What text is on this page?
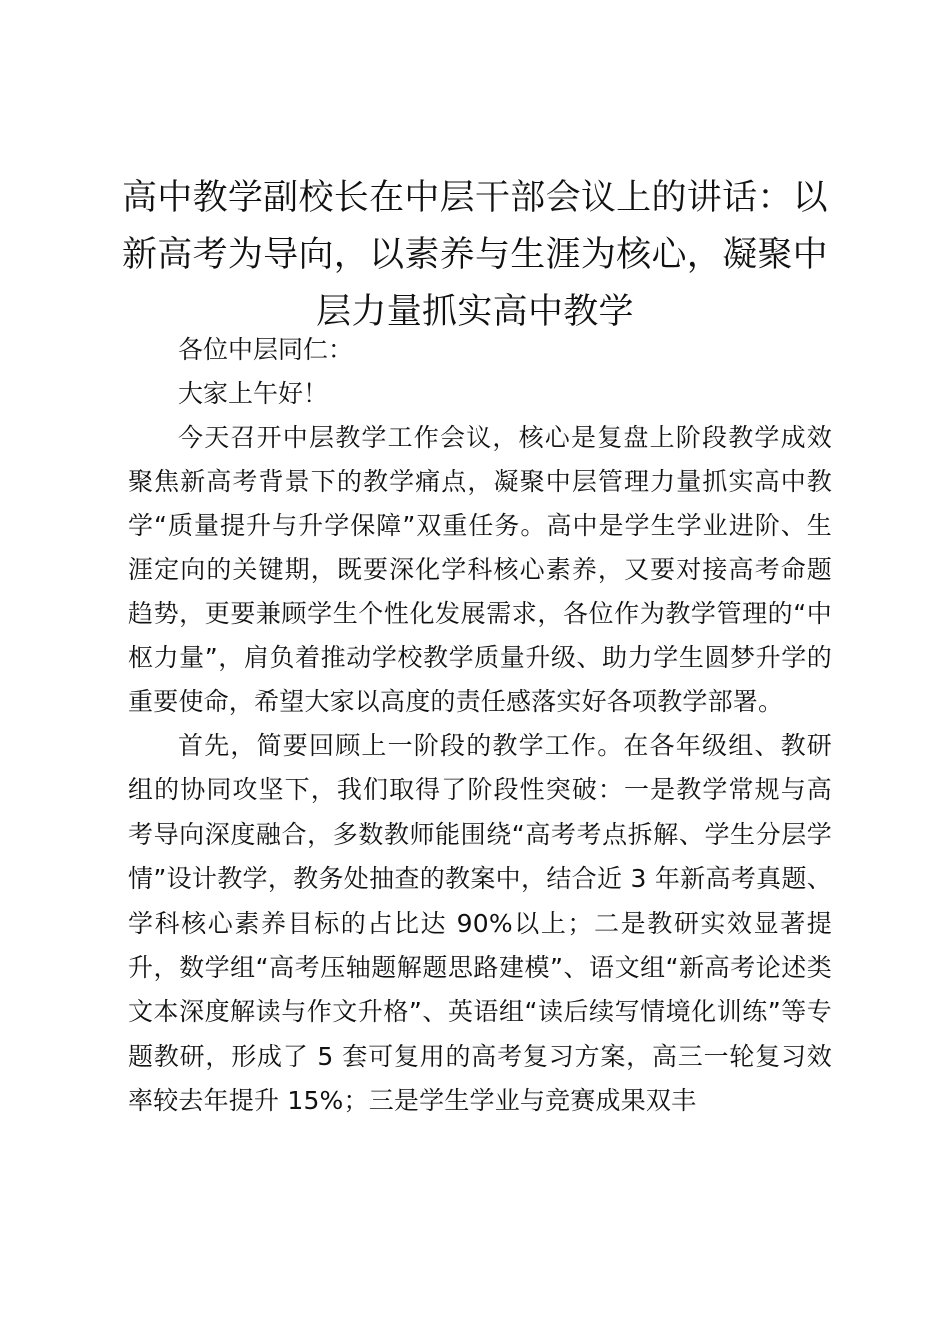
高中教学副校长在中层干部会议上的讲话：以新高考为导向，以素养与生涯为核心，凝聚中层力量抓实高中教学

各位中层同仁：

大家上午好！

今天召开中层教学工作会议，核心是复盘上阶段教学成效聚焦新高考背景下的教学痛点，凝聚中层管理力量抓实高中教学“质量提升与升学保障”双重任务。高中是学生学业进阶、生涯定向的关键期，既要深化学科核心素养，又要对接高考命题趋势，更要兼顾学生个性化发展需求，各位作为教学管理的“中枢力量”，肩负着推动学校教学质量升级、助力学生圆梦升学的重要使命，希望大家以高度的责任感落实好各项教学部署。

首先，简要回顾上一阶段的教学工作。在各年级组、教研组的协同攻坚下，我们取得了阶段性突破：一是教学常规与高考导向深度融合，多数教师能围绕“高考考点拆解、学生分层学情”设计教学，教务处抽查的教案中，结合近 3 年新高考真题、学科核心素养目标的占比达 90%以上；二是教研实效显著提升，数学组“高考压轴题解题思路建模”、语文组“新高考论述类文本深度解读与作文升格”、英语组“读后续写情境化训练”等专题教研，形成了 5 套可复用的高考复习方案，高三一轮复习效率较去年提升 15%；三是学生学业与竞赛成果双丰
